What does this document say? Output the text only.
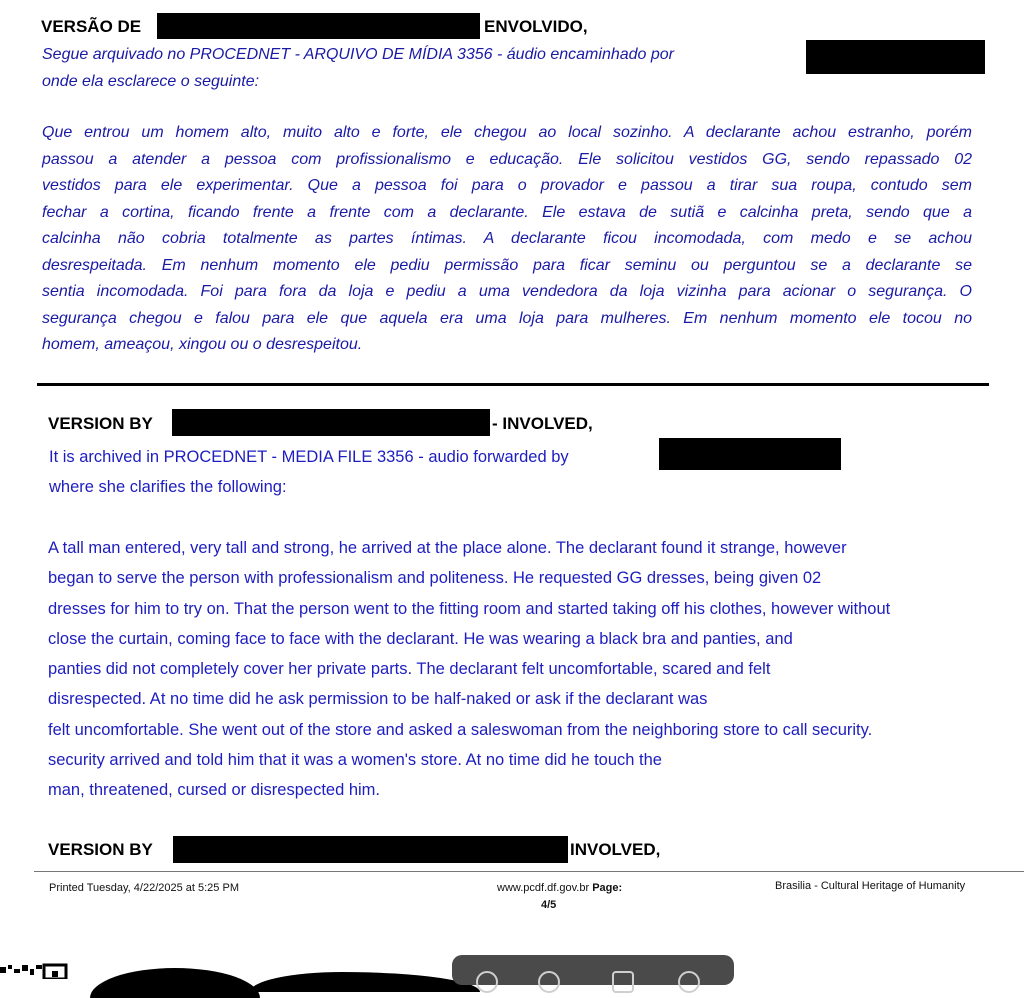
VERSÃO DE	ENVOLVIDO,
Segue arquivado no PROCEDNET - ARQUIVO DE MÍDIA 3356 - áudio encaminhado por
onde ela esclarece o seguinte:
Que entrou um homem alto, muito alto e forte, ele chegou ao local sozinho. A declarante achou estranho, porém
passou a atender a pessoa com profissionalismo e educação. Ele solicitou vestidos GG, sendo repassado 02
vestidos para ele experimentar. Que a pessoa foi para o provador e passou a tirar sua roupa, contudo sem
fechar a cortina, ficando frente a frente com a declarante. Ele estava de sutiã e calcinha preta, sendo que a
calcinha não cobria totalmente as partes íntimas. A declarante ficou incomodada, com medo e se achou
desrespeitada. Em nenhum momento ele pediu permissão para ficar seminu ou perguntou se a declarante se
sentia incomodada. Foi para fora da loja e pediu a uma vendedora da loja vizinha para acionar o segurança. O
segurança chegou e falou para ele que aquela era uma loja para mulheres. Em nenhum momento ele tocou no
homem, ameaçou, xingou ou o desrespeitou.
VERSION BY	- INVOLVED,
It is archived in PROCEDNET - MEDIA FILE 3356 - audio forwarded by
where she clarifies the following:
A tall man entered, very tall and strong, he arrived at the place alone. The declarant found it strange, however
began to serve the person with professionalism and politeness. He requested GG dresses, being given 02
dresses for him to try on. That the person went to the fitting room and started taking off his clothes, however without
close the curtain, coming face to face with the declarant. He was wearing a black bra and panties, and
panties did not completely cover her private parts. The declarant felt uncomfortable, scared and felt
disrespected. At no time did he ask permission to be half-naked or ask if the declarant was
felt uncomfortable. She went out of the store and asked a saleswoman from the neighboring store to call security.
security arrived and told him that it was a women's store. At no time did he touch the
man, threatened, cursed or disrespected him.
VERSION BY	INVOLVED,
Printed Tuesday, 4/22/2025 at 5:25 PM	www.pcdf.df.gov.br Page:
4/5
Brasilia - Cultural Heritage of Humanity
